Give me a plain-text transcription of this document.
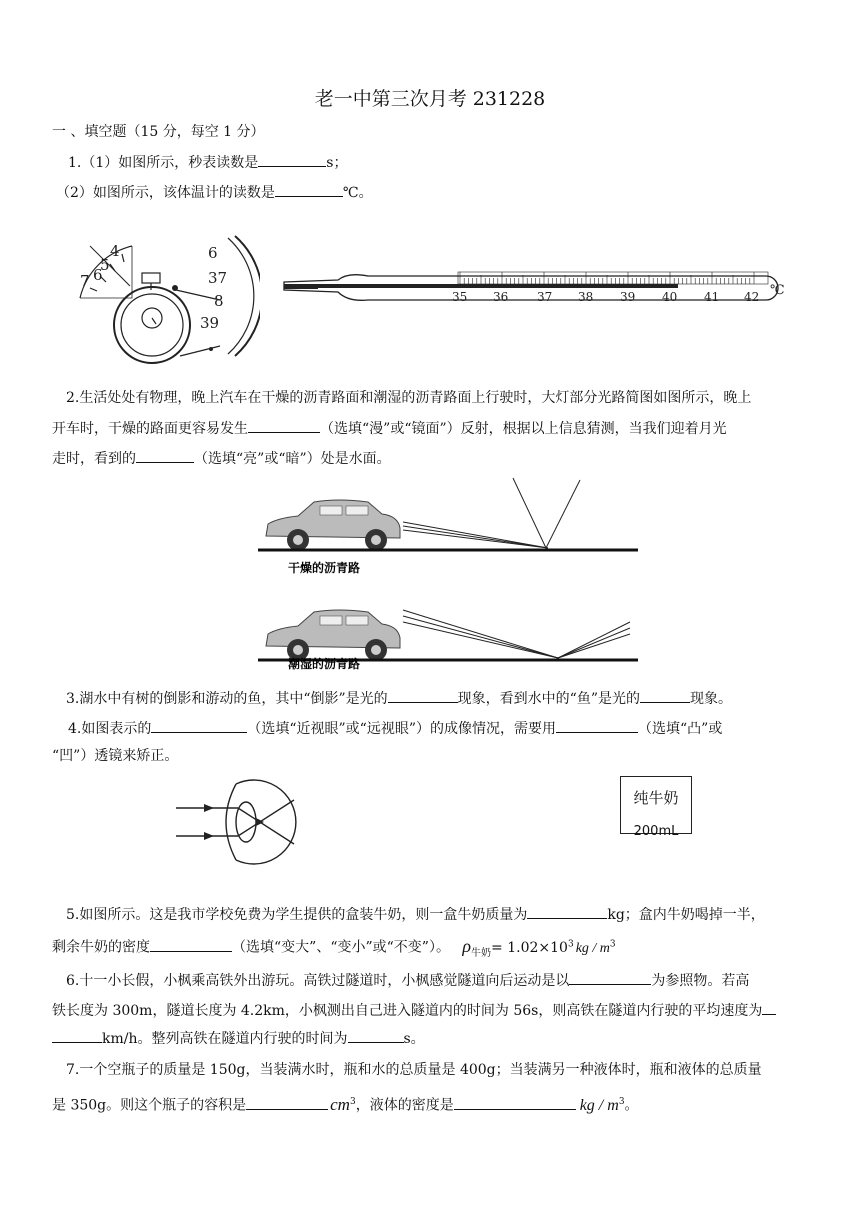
老一中第三次月考 231228
一 、填空题（15 分，每空 1 分）
1.（1）如图所示，秒表读数是	s；
（2）如图所示，该体温计的读数是	℃。
4
5
6
7
6
37
8
39
35 36 37 38 39 40 41 42 ℃
2.生活处处有物理，晚上汽车在干燥的沥青路面和潮湿的沥青路面上行驶时，大灯部分光路简图如图所示，晚上
开车时，干燥的路面更容易发生	（选填“漫”或“镜面”）反射，根据以上信息猜测，当我们迎着月光
走时，看到的	（选填“亮”或“暗”）处是水面。
干燥的沥青路
潮湿的沥青路
3.湖水中有树的倒影和游动的鱼，其中“倒影”是光的	现象，看到水中的“鱼”是光的	现象。
4.如图表示的	（选填“近视眼”或“远视眼”）的成像情况，需要用	（选填“凸”或
“凹”）透镜来矫正。
纯牛奶
200mL
5.如图所示。这是我市学校免费为学生提供的盒装牛奶，则一盒牛奶质量为	kg；盒内牛奶喝掉一半，
剩余牛奶的密度	（选填“变大”、“变小”或“不变”）。 $\rho_{牛奶}= 1.02\times 10^3$ kg / $m^3$
6.十一小长假，小枫乘高铁外出游玩。高铁过隧道时，小枫感觉隧道向后运动是以	为参照物。若高
铁长度为 300m，隧道长度为 4.2km，小枫测出自己进入隧道内的时间为 56s，则高铁在隧道内行驶的平均速度为
km/h。整列高铁在隧道内行驶的时间为	s。
7.一个空瓶子的质量是 150g，当装满水时，瓶和水的总质量是 400g；当装满另一种液体时，瓶和液体的总质量
是 350g。则这个瓶子的容积是	$cm^3$，液体的密度是	kg / $m^3$。
